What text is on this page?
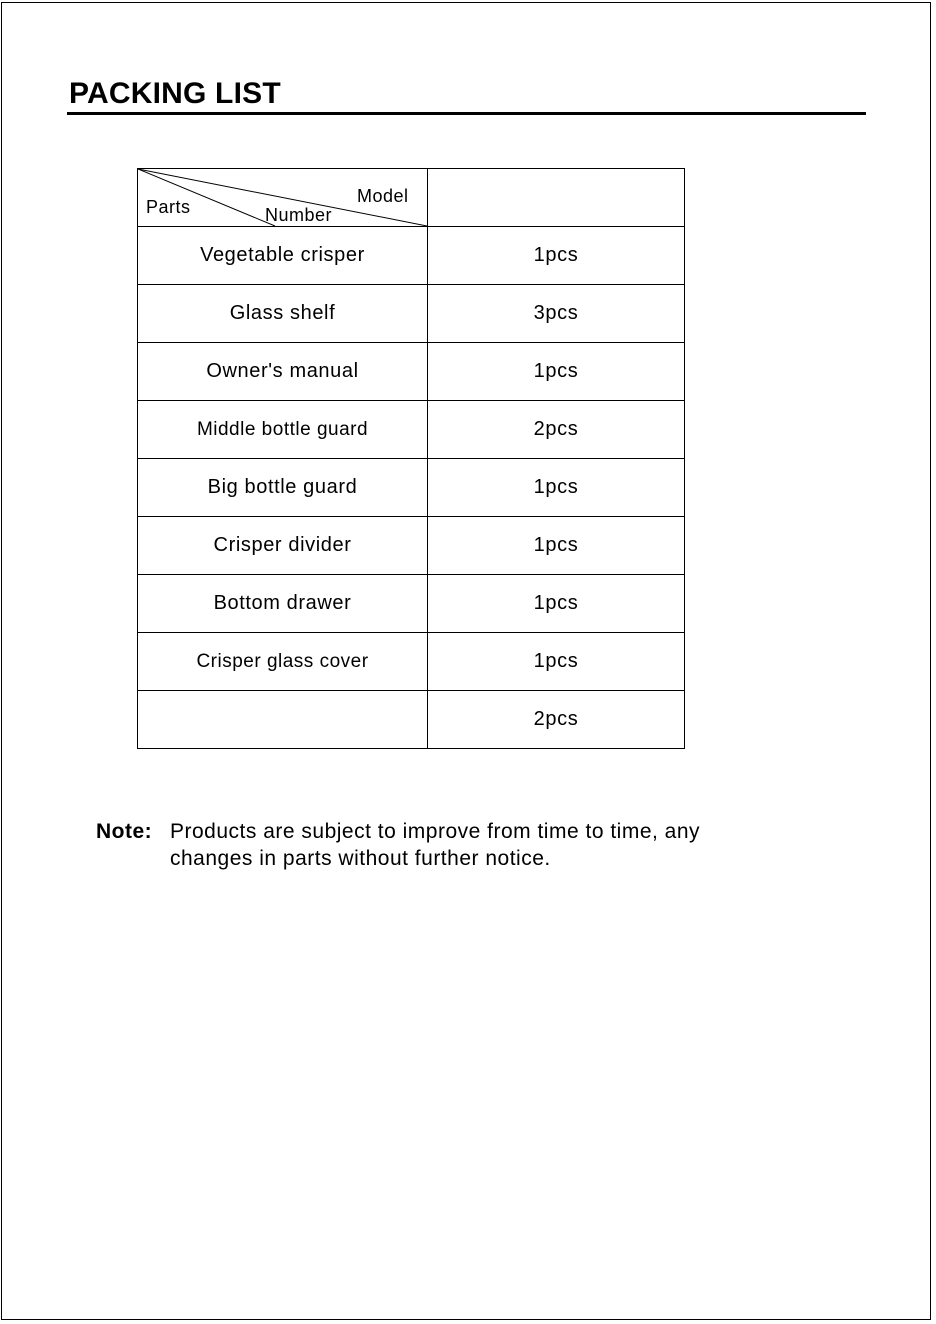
PACKING LIST
Model
Parts Number	

Vegetable crisper	1pcs
Glass shelf	3pcs
Owner's manual	1pcs
Middle bottle guard	2pcs
Big bottle guard	1pcs
Crisper divider	1pcs
Bottom drawer	1pcs
Crisper glass cover	1pcs
	2pcs
Note: Products are subject to improve from time to time, any
changes in parts without further notice.
